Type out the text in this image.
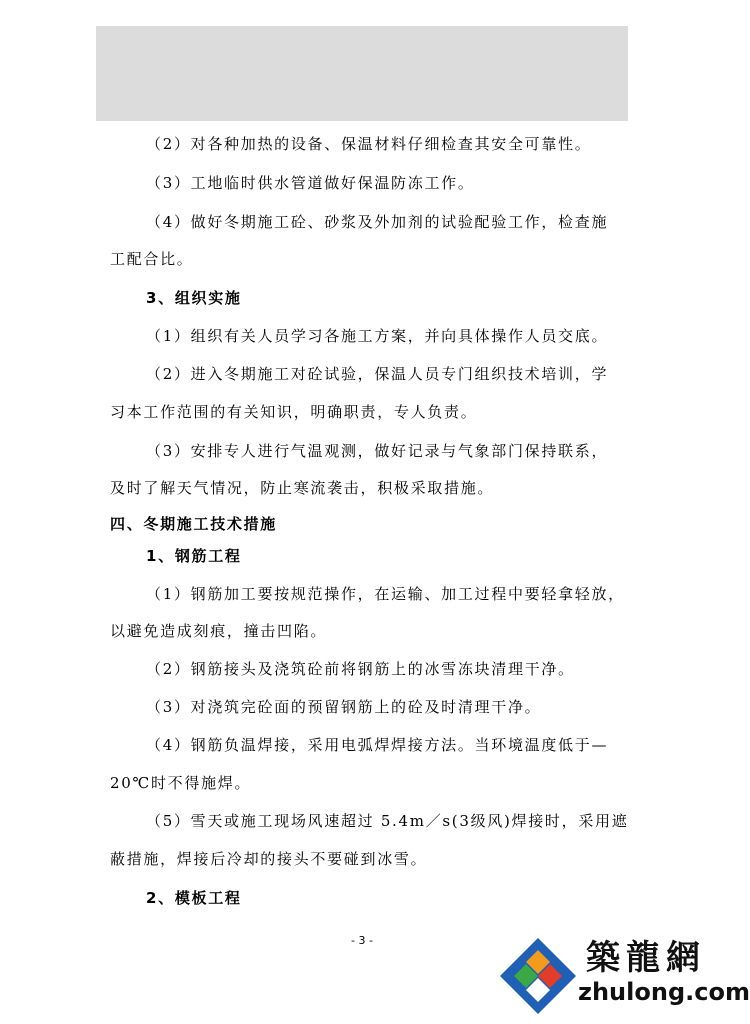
（2）对各种加热的设备、保温材料仔细检查其安全可靠性。
（3）工地临时供水管道做好保温防冻工作。
（4）做好冬期施工砼、砂浆及外加剂的试验配验工作，检查施
工配合比。
3、组织实施
（1）组织有关人员学习各施工方案，并向具体操作人员交底。
（2）进入冬期施工对砼试验，保温人员专门组织技术培训，学
习本工作范围的有关知识，明确职责，专人负责。
（3）安排专人进行气温观测，做好记录与气象部门保持联系，
及时了解天气情况，防止寒流袭击，积极采取措施。
四、冬期施工技术措施
1、钢筋工程
（1）钢筋加工要按规范操作，在运输、加工过程中要轻拿轻放，
以避免造成刻痕，撞击凹陷。
（2）钢筋接头及浇筑砼前将钢筋上的冰雪冻块清理干净。
（3）对浇筑完砼面的预留钢筋上的砼及时清理干净。
（4）钢筋负温焊接，采用电弧焊焊接方法。当环境温度低于—
20℃时不得施焊。
（5）雪天或施工现场风速超过 5.4m／s(3级风)焊接时，采用遮
蔽措施，焊接后冷却的接头不要碰到冰雪。
2、模板工程
- 3 -	築龍網
zhulong.com
